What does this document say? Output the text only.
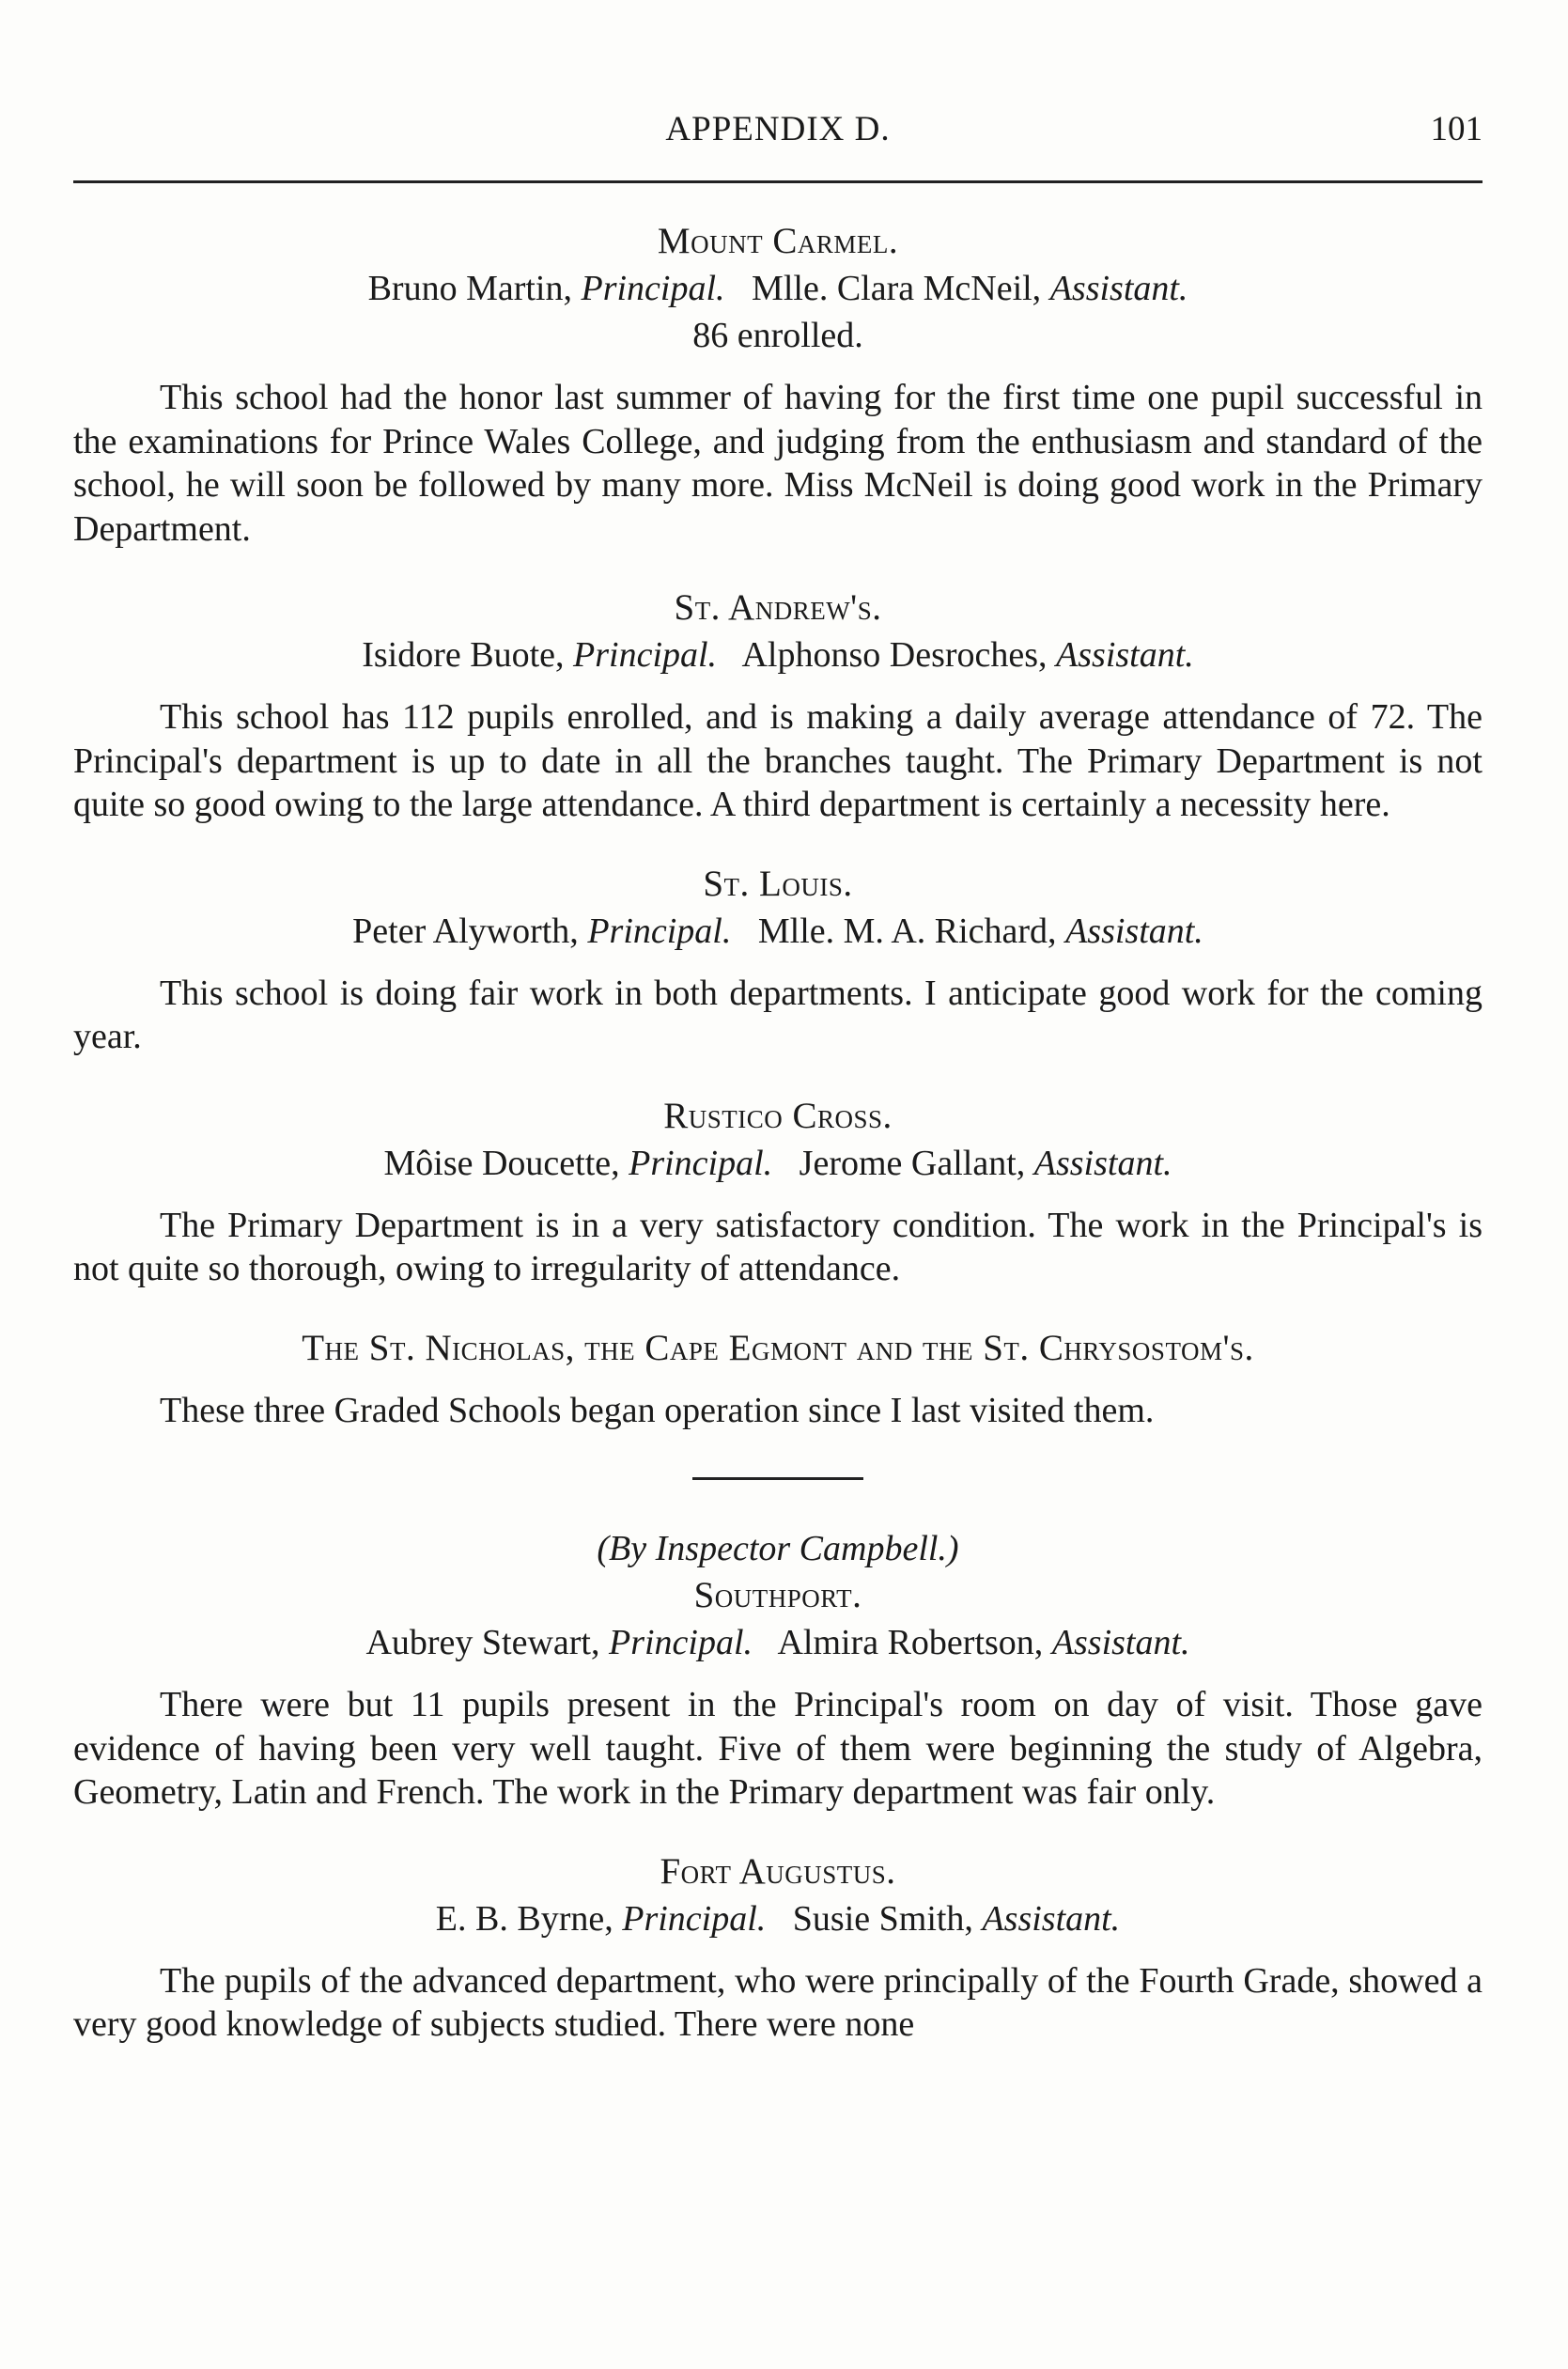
APPENDIX D.	101

Mount Carmel.

Bruno Martin, Principal. Mlle. Clara McNeil, Assistant.

86 enrolled.

This school had the honor last summer of having for the first time one pupil successful in the examinations for Prince Wales College, and judging from the enthusiasm and standard of the school, he will soon be followed by many more. Miss McNeil is doing good work in the Primary Department.

St. Andrew's.

Isidore Buote, Principal. Alphonso Desroches, Assistant.

This school has 112 pupils enrolled, and is making a daily average attendance of 72. The Principal's department is up to date in all the branches taught. The Primary Department is not quite so good owing to the large attendance. A third department is certainly a necessity here.

St. Louis.

Peter Alyworth, Principal. Mlle. M. A. Richard, Assistant.

This school is doing fair work in both departments. I anticipate good work for the coming year.

Rustico Cross.

Môise Doucette, Principal. Jerome Gallant, Assistant.

The Primary Department is in a very satisfactory condition. The work in the Principal's is not quite so thorough, owing to irregularity of attendance.

The St. Nicholas, the Cape Egmont and the St. Chrysostom's.

These three Graded Schools began operation since I last visited them.

(By Inspector Campbell.)

Southport.

Aubrey Stewart, Principal. Almira Robertson, Assistant.

There were but 11 pupils present in the Principal's room on day of visit. Those gave evidence of having been very well taught. Five of them were beginning the study of Algebra, Geometry, Latin and French. The work in the Primary department was fair only.

Fort Augustus.

E. B. Byrne, Principal. Susie Smith, Assistant.

The pupils of the advanced department, who were principally of the Fourth Grade, showed a very good knowledge of subjects studied. There were none
